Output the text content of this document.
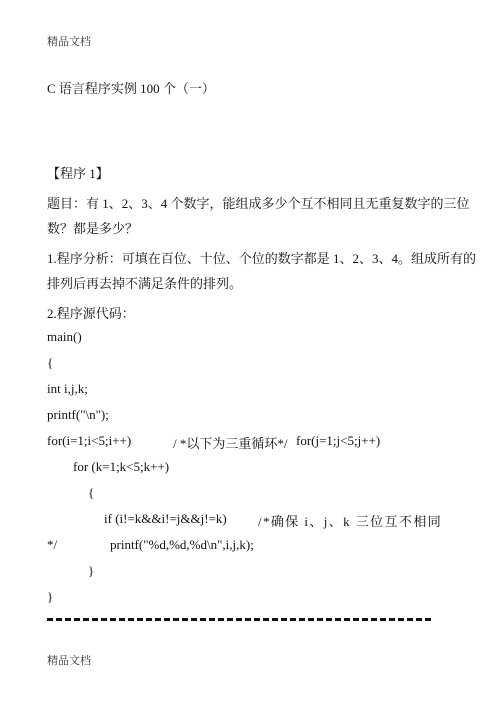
精品文档
C 语言程序实例 100 个（一）
【程序 1】
题目：有 1、2、3、4 个数字，能组成多少个互不相同且无重复数字的三位
数？都是多少？
1.程序分析：可填在百位、十位、个位的数字都是 1、2、3、4。组成所有的
排列后再去掉不满足条件的排列。
2.程序源代码：
main()
{
int i,j,k;
printf("\n");
for(i=1;i<5;i++)	/ *以下为三重循环*/ for(j=1;j<5;j++)
for (k=1;k<5;k++)
{
if (i!=k&&i!=j&&j!=k) /*确保 i、j、k 三位互不相同
*/	printf("%d,%d,%d\n",i,j,k);
}
}
精品文档
